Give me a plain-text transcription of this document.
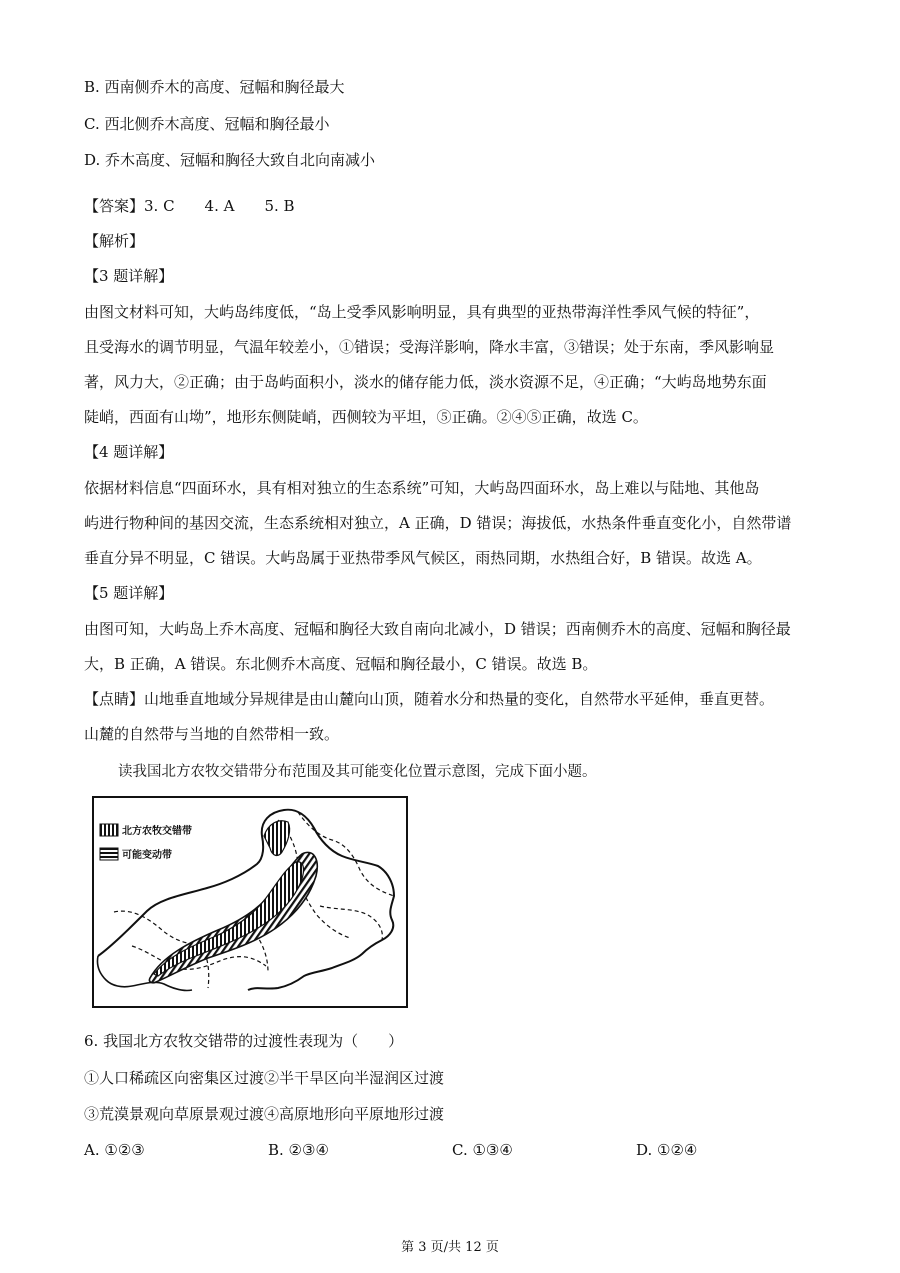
B. 西南侧乔木的高度、冠幅和胸径最大
C. 西北侧乔木高度、冠幅和胸径最小
D. 乔木高度、冠幅和胸径大致自北向南减小
【答案】3. C　　4. A　　5. B
【解析】
【3 题详解】
由图文材料可知，大屿岛纬度低，“岛上受季风影响明显，具有典型的亚热带海洋性季风气候的特征”，
且受海水的调节明显，气温年较差小，①错误；受海洋影响，降水丰富，③错误；处于东南，季风影响显
著，风力大，②正确；由于岛屿面积小，淡水的储存能力低，淡水资源不足，④正确；“大屿岛地势东面
陡峭，西面有山坳”，地形东侧陡峭，西侧较为平坦，⑤正确。②④⑤正确，故选 C。
【4 题详解】
依据材料信息“四面环水，具有相对独立的生态系统”可知，大屿岛四面环水，岛上难以与陆地、其他岛
屿进行物种间的基因交流，生态系统相对独立，A 正确，D 错误；海拔低，水热条件垂直变化小，自然带谱
垂直分异不明显，C 错误。大屿岛属于亚热带季风气候区，雨热同期，水热组合好，B 错误。故选 A。
【5 题详解】
由图可知，大屿岛上乔木高度、冠幅和胸径大致自南向北减小，D 错误；西南侧乔木的高度、冠幅和胸径最
大，B 正确，A 错误。东北侧乔木高度、冠幅和胸径最小，C 错误。故选 B。
【点睛】山地垂直地域分异规律是由山麓向山顶，随着水分和热量的变化，自然带水平延伸，垂直更替。
山麓的自然带与当地的自然带相一致。
读我国北方农牧交错带分布范围及其可能变化位置示意图，完成下面小题。
北方农牧交错带
可能变动带
6. 我国北方农牧交错带的过渡性表现为（　　）
①人口稀疏区向密集区过渡②半干旱区向半湿润区过渡
③荒漠景观向草原景观过渡④高原地形向平原地形过渡
A. ①②③	B. ②③④	C. ①③④	D. ①②④
第 3 页/共 12 页
